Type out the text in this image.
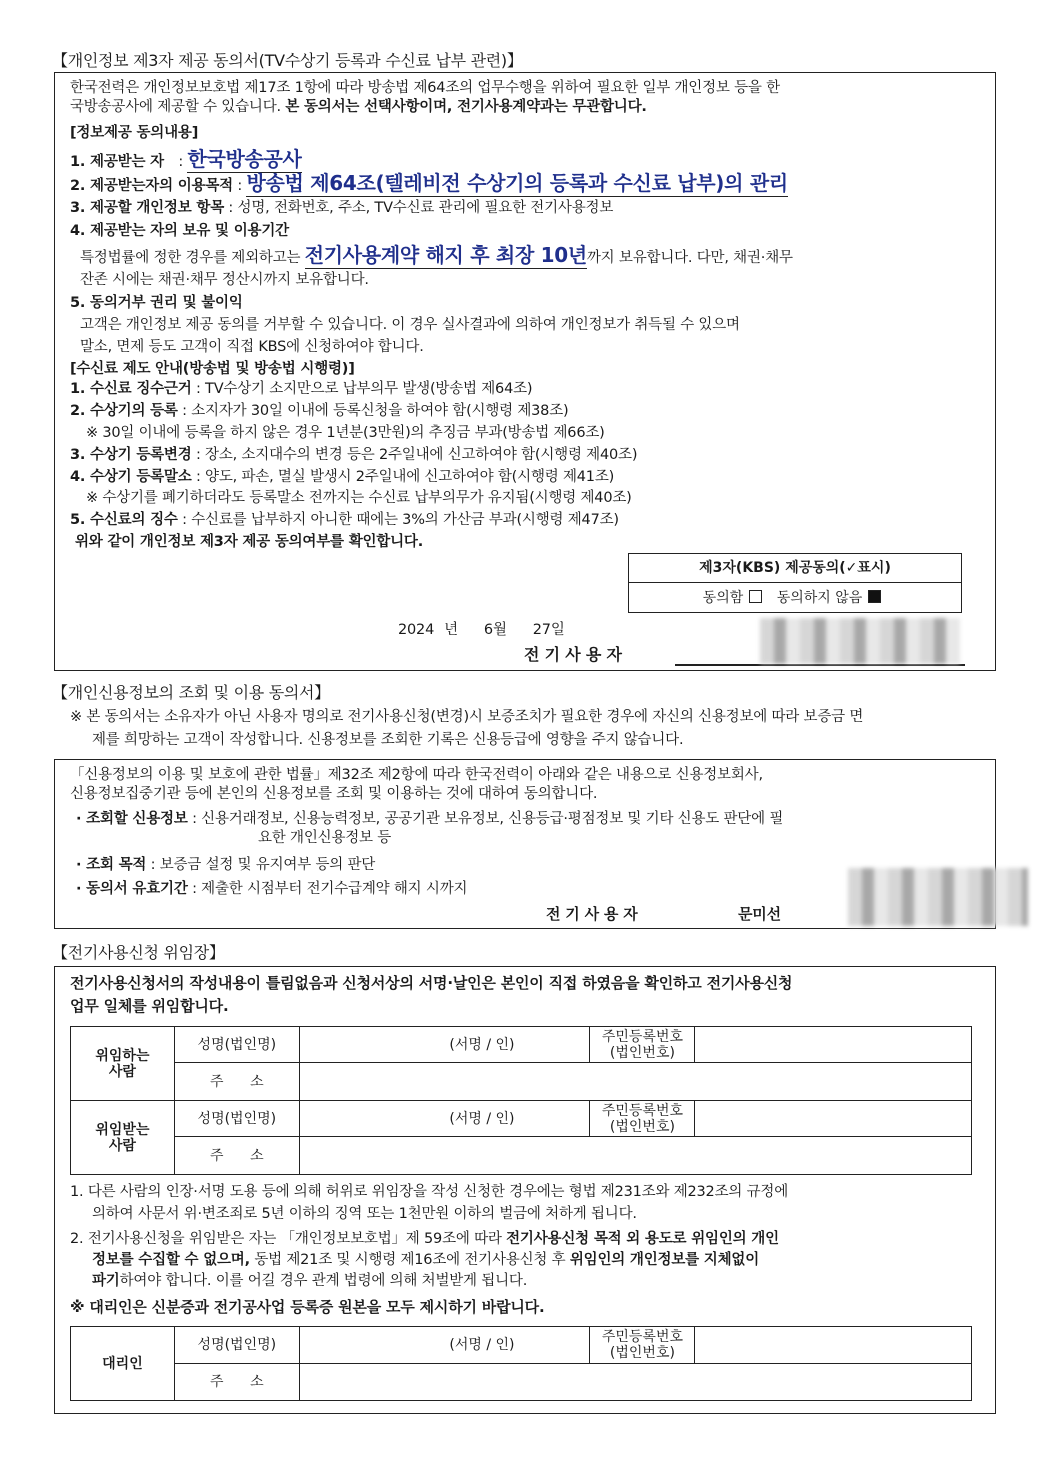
【개인정보 제3자 제공 동의서(TV수상기 등록과 수신료 납부 관련)】
한국전력은 개인정보보호법 제17조 1항에 따라 방송법 제64조의 업무수행을 위하여 필요한 일부 개인정보 등을 한
국방송공사에 제공할 수 있습니다. 본 동의서는 선택사항이며, 전기사용계약과는 무관합니다.
[정보제공 동의내용]
1. 제공받는 자 : 한국방송공사
2. 제공받는자의 이용목적 : 방송법 제64조(텔레비전 수상기의 등록과 수신료 납부)의 관리
3. 제공할 개인정보 항목 : 성명, 전화번호, 주소, TV수신료 관리에 필요한 전기사용정보
4. 제공받는 자의 보유 및 이용기간
특정법률에 정한 경우를 제외하고는 전기사용계약 해지 후 최장 10년까지 보유합니다. 다만, 채권·채무
잔존 시에는 채권·채무 정산시까지 보유합니다.
5. 동의거부 권리 및 불이익
고객은 개인정보 제공 동의를 거부할 수 있습니다. 이 경우 실사결과에 의하여 개인정보가 취득될 수 있으며
말소, 면제 등도 고객이 직접 KBS에 신청하여야 합니다.
[수신료 제도 안내(방송법 및 방송법 시행령)]
1. 수신료 징수근거 : TV수상기 소지만으로 납부의무 발생(방송법 제64조)
2. 수상기의 등록 : 소지자가 30일 이내에 등록신청을 하여야 함(시행령 제38조)
※ 30일 이내에 등록을 하지 않은 경우 1년분(3만원)의 추징금 부과(방송법 제66조)
3. 수상기 등록변경 : 장소, 소지대수의 변경 등은 2주일내에 신고하여야 함(시행령 제40조)
4. 수상기 등록말소 : 양도, 파손, 멸실 발생시 2주일내에 신고하여야 함(시행령 제41조)
※ 수상기를 폐기하더라도 등록말소 전까지는 수신료 납부의무가 유지됨(시행령 제40조)
5. 수신료의 징수 : 수신료를 납부하지 아니한 때에는 3%의 가산금 부과(시행령 제47조)
위와 같이 개인정보 제3자 제공 동의여부를 확인합니다.
제3자(KBS) 제공동의(✓표시)
동의함 동의하지 않음
2024 년 6월 27일
전 기 사 용 자
【개인신용정보의 조회 및 이용 동의서】
※ 본 동의서는 소유자가 아닌 사용자 명의로 전기사용신청(변경)시 보증조치가 필요한 경우에 자신의 신용정보에 따라 보증금 면
제를 희망하는 고객이 작성합니다. 신용정보를 조회한 기록은 신용등급에 영향을 주지 않습니다.
「신용정보의 이용 및 보호에 관한 법률」제32조 제2항에 따라 한국전력이 아래와 같은 내용으로 신용정보회사,
신용정보집중기관 등에 본인의 신용정보를 조회 및 이용하는 것에 대하여 동의합니다.
· 조회할 신용정보 : 신용거래정보, 신용능력정보, 공공기관 보유정보, 신용등급·평점정보 및 기타 신용도 판단에 필
요한 개인신용정보 등
· 조회 목적 : 보증금 설정 및 유지여부 등의 판단
· 동의서 유효기간 : 제출한 시점부터 전기수급계약 해지 시까지
전 기 사 용 자	문미선
【전기사용신청 위임장】
전기사용신청서의 작성내용이 틀림없음과 신청서상의 서명·날인은 본인이 직접 하였음을 확인하고 전기사용신청
업무 일체를 위임합니다.
위임하는
사람	성명(법인명)	(서명 / 인)	주민등록번호
(법인번호)	
	주      소			
위임받는
사람	성명(법인명)	(서명 / 인)	주민등록번호
(법인번호)	
	주      소			
1. 다른 사람의 인장·서명 도용 등에 의해 허위로 위임장을 작성 신청한 경우에는 형법 제231조와 제232조의 규정에
의하여 사문서 위·변조죄로 5년 이하의 징역 또는 1천만원 이하의 벌금에 처하게 됩니다.
2. 전기사용신청을 위임받은 자는 「개인정보보호법」제 59조에 따라 전기사용신청 목적 외 용도로 위임인의 개인
정보를 수집할 수 없으며, 동법 제21조 및 시행령 제16조에 전기사용신청 후 위임인의 개인정보를 지체없이
파기하여야 합니다. 이를 어길 경우 관계 법령에 의해 처벌받게 됩니다.
※ 대리인은 신분증과 전기공사업 등록증 원본을 모두 제시하기 바랍니다.
대리인	성명(법인명)	(서명 / 인)	주민등록번호
(법인번호)	
	주      소			
